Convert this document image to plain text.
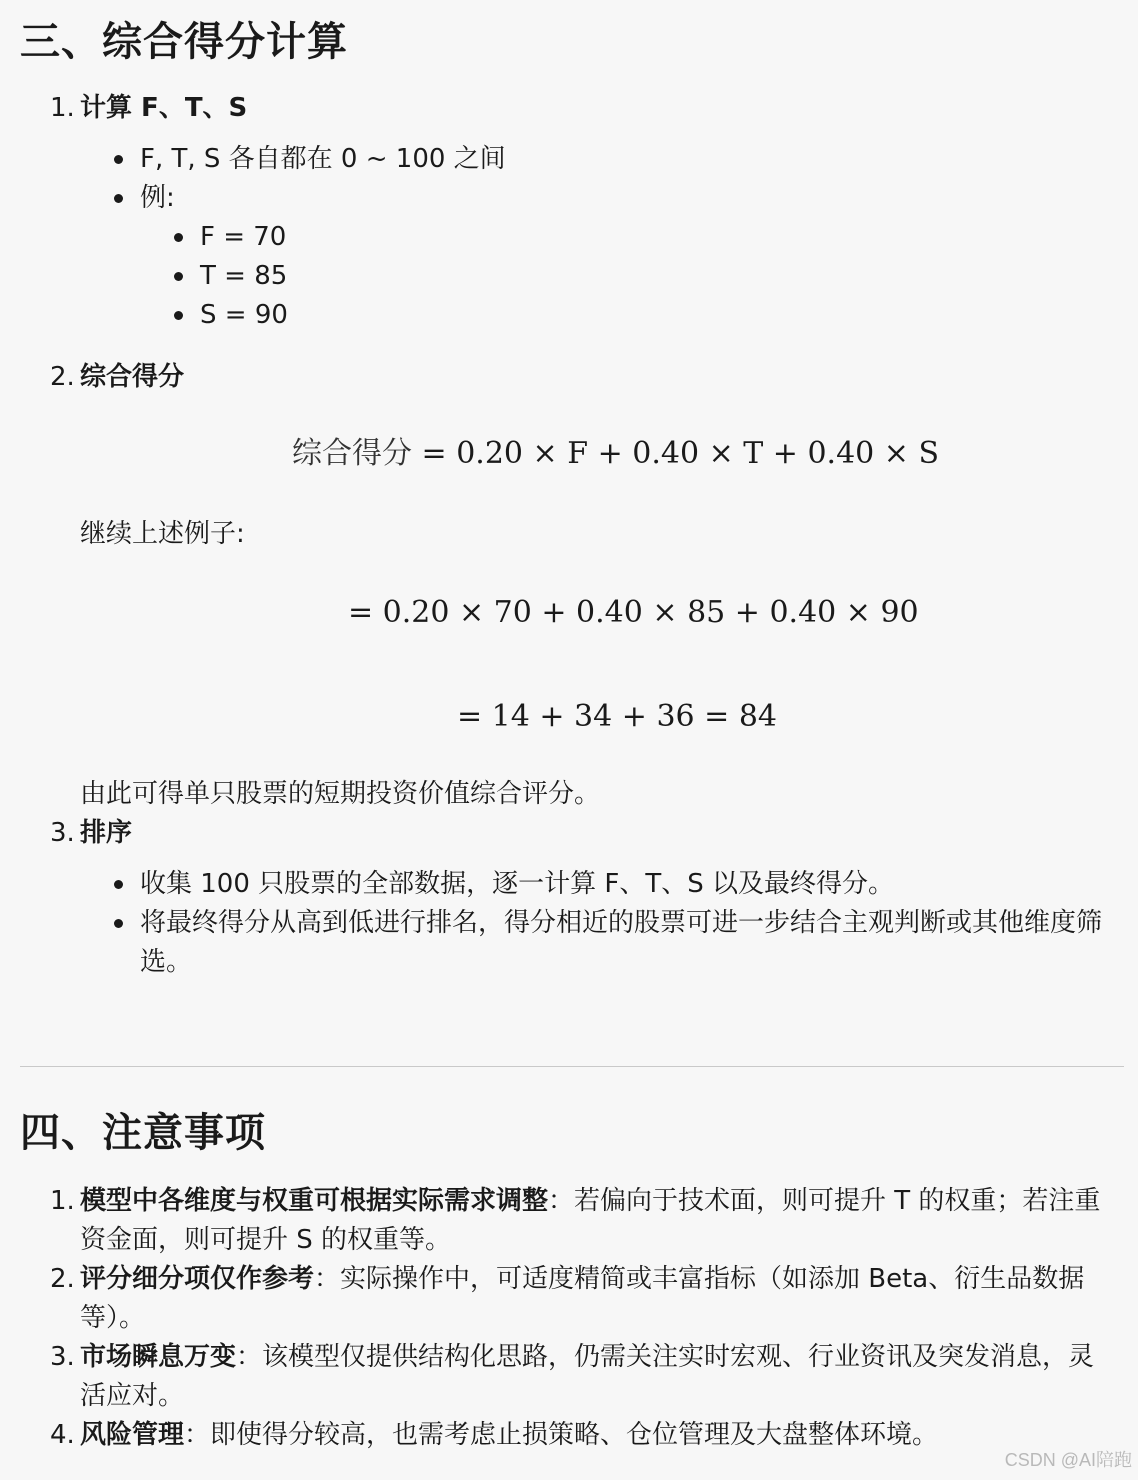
三、综合得分计算
1. 计算 F、T、S
F, T, S 各自都在 0 ~ 100 之间
例:
F = 70
T = 85
S = 90
2. 综合得分
综合得分 = 0.20 × F + 0.40 × T + 0.40 × S
继续上述例子:
= 0.20 × 70 + 0.40 × 85 + 0.40 × 90
= 14 + 34 + 36 = 84
由此可得单只股票的短期投资价值综合评分。
3. 排序
收集 100 只股票的全部数据，逐一计算 F、T、S 以及最终得分。
将最终得分从高到低进行排名，得分相近的股票可进一步结合主观判断或其他维度筛选。
四、注意事项
1. 模型中各维度与权重可根据实际需求调整：若偏向于技术面，则可提升 T 的权重；若注重资金面，则可提升 S 的权重等。
2. 评分细分项仅作参考：实际操作中，可适度精简或丰富指标（如添加 Beta、衍生品数据等）。
3. 市场瞬息万变：该模型仅提供结构化思路，仍需关注实时宏观、行业资讯及突发消息，灵活应对。
4. 风险管理：即使得分较高，也需考虑止损策略、仓位管理及大盘整体环境。
CSDN @AI陪跑
